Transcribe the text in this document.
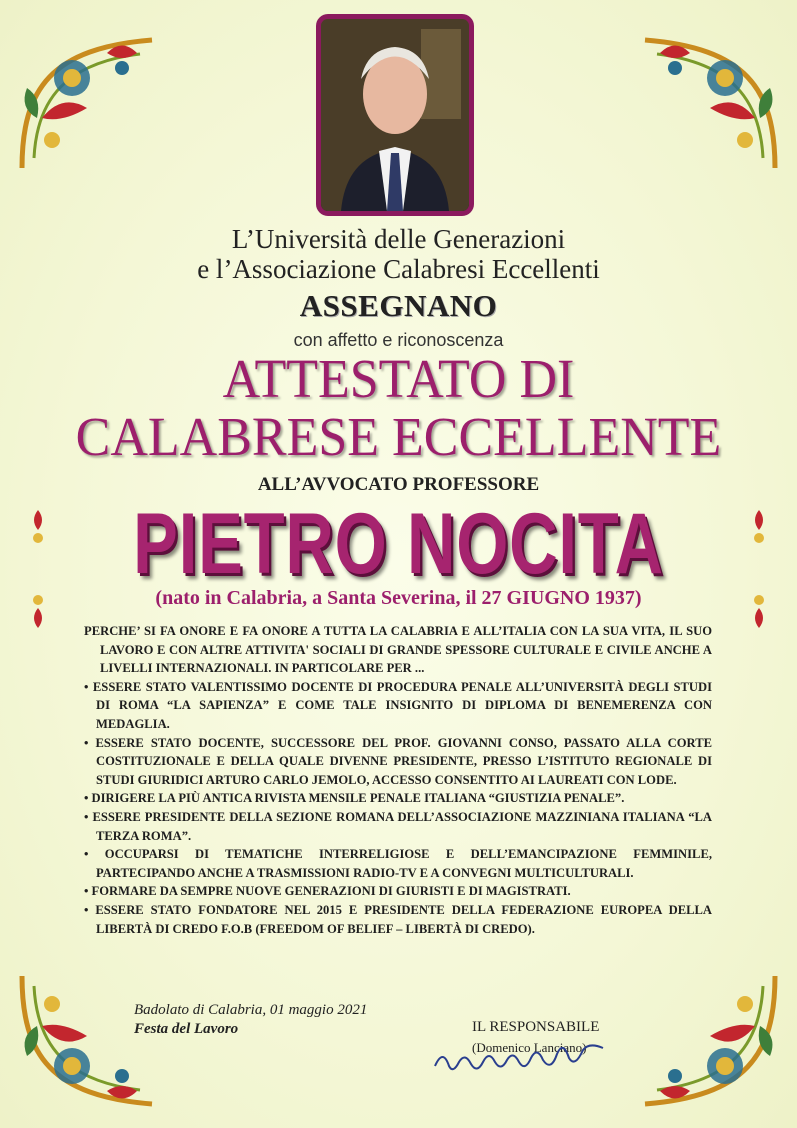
L’Università delle Generazioni
e l’Associazione Calabresi Eccellenti
ASSEGNANO
con affetto e riconoscenza
ATTESTATO DI
CALABRESE ECCELLENTE
ALL’AVVOCATO PROFESSORE
PIETRO NOCITA
(nato in Calabria, a Santa Severina, il 27 GIUGNO 1937)

PERCHE’ SI FA ONORE E FA ONORE A TUTTA LA CALABRIA E ALL’ITALIA CON LA SUA VITA, IL SUO LAVORO E CON ALTRE ATTIVITA' SOCIALI DI GRANDE SPESSORE CULTURALE E CIVILE ANCHE A LIVELLI INTERNAZIONALI. IN PARTICOLARE PER ...

• ESSERE STATO VALENTISSIMO DOCENTE DI PROCEDURA PENALE ALL’UNIVERSITÀ DEGLI STUDI DI ROMA “LA SAPIENZA” E COME TALE INSIGNITO DI DIPLOMA DI BENEMERENZA CON MEDAGLIA.

• ESSERE STATO DOCENTE, SUCCESSORE DEL PROF. GIOVANNI CONSO, PASSATO ALLA CORTE COSTITUZIONALE E DELLA QUALE DIVENNE PRESIDENTE, PRESSO L’ISTITUTO REGIONALE DI STUDI GIURIDICI ARTURO CARLO JEMOLO, ACCESSO CONSENTITO AI LAUREATI CON LODE.

• DIRIGERE LA PIÙ ANTICA RIVISTA MENSILE PENALE ITALIANA “GIUSTIZIA PENALE”.

• ESSERE PRESIDENTE DELLA SEZIONE ROMANA DELL’ASSOCIAZIONE MAZZINIANA ITALIANA “LA TERZA ROMA”.

• OCCUPARSI DI TEMATICHE INTERRELIGIOSE E DELL’EMANCIPAZIONE FEMMINILE, PARTECIPANDO ANCHE A TRASMISSIONI RADIO-TV E A CONVEGNI MULTICULTURALI.

• FORMARE DA SEMPRE NUOVE GENERAZIONI DI GIURISTI E DI MAGISTRATI.

• ESSERE STATO FONDATORE NEL 2015 E PRESIDENTE DELLA FEDERAZIONE EUROPEA DELLA LIBERTÀ DI CREDO F.O.B (FREEDOM OF BELIEF – LIBERTÀ DI CREDO).

Badolato di Calabria, 01 maggio 2021
Festa del Lavoro	IL RESPONSABILE
(Domenico Lanciano)
